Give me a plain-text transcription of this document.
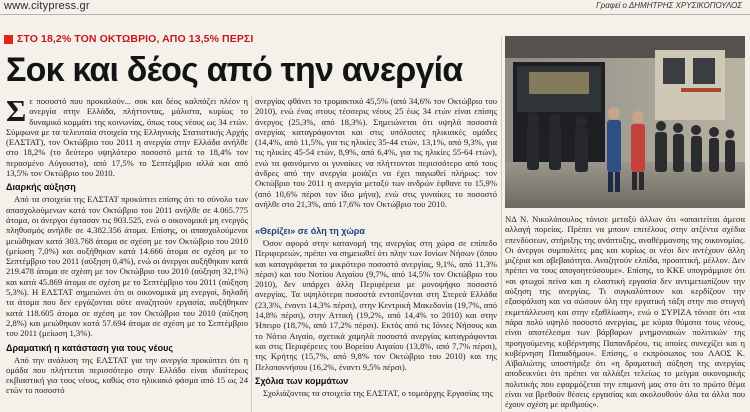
www.citypress.gr	Γραφεί ο ΔΗΜΗΤΡΗΣ ΧΡΥΣΙΚΟΠΟΥΛΟΣ
ΣΤΟ 18,2% ΤΟΝ ΟΚΤΩΒΡΙΟ, ΑΠΟ 13,5% ΠΕΡΣΙ
Σοκ και δέος από την ανεργία

Σε ποσοστό που προκαλούν... σοκ και δέος καλπάζει πλέον η ανεργία στην Ελλάδα, πλήττοντας, μάλιστα, κυρίως το δυναμικό κομμάτι της κοινωνίας, όπως τους νέους ως 34 ετών. Σύμφωνα με τα τελευταία στοιχεία της Ελληνικής Στατιστικής Αρχής (ΕΛΣΤΑΤ), τον Οκτώβριο του 2011 η ανεργία στην Ελλάδα ανήλθε στο 18,2% (το δεύτερο υψηλότερο ποσοστό μετά το 18,4% τον περασμένο Αύγουστο), από 17,5% το Σεπτέμβριο αλλά και από 13,5% τον Οκτώβριο του 2010.

Διαρκής αύξηση

Από τα στοιχεία της ΕΛΣΤΑΤ προκύπτει επίσης ότι το σύνολο των απασχολούμενων κατά τον Οκτώβριο του 2011 ανήλθε σε 4.065.775 άτομα, οι άνεργοι έφτασαν τις 903.525, ενώ ο οικονομικά μη ενεργός πληθυσμός ανήλθε σε 4.382.356 άτομα. Επίσης, οι απασχολούμενοι μειώθηκαν κατά 303.768 άτομα σε σχέση με τον Οκτώβριο του 2010 (μείωση 7,0%) και αυξήθηκαν κατά 14.666 άτομα σε σχέση με το Σεπτέμβριο του 2011 (αύξηση 0,4%), ενώ οι άνεργοι αυξήθηκαν κατά 219.478 άτομα σε σχέση με τον Οκτώβριο του 2010 (αύξηση 32,1%) και κατά 45.869 άτομα σε σχέση με το Σεπτέμβριο του 2011 (αύξηση 5,3%). Η ΕΛΣΤΑΤ σημειώνει ότι οι οικονομικά μη ενεργοί, δηλαδή τα άτομα που δεν εργάζονται ούτε αναζητούν εργασία, αυξήθηκαν κατά 118.605 άτομα σε σχέση με τον Οκτώβριο του 2010 (αύξηση 2,8%) και μειώθηκαν κατά 57.694 άτομα σε σχέση με το Σεπτέμβριο του 2011 (μείωση 1,3%).

Δραματική η κατάσταση για τους νέους

Από την ανάλυση της ΕΛΣΤΑΤ για την ανεργία προκύπτει ότι η ομάδα που πλήττεται περισσότερο στην Ελλάδα είναι ιδιαίτερως εκβιαστική για τους νέους, καθώς στο ηλικιακό φάσμα από 15 ως 24 ετών το ποσοστό

ανεργίας φθάνει το τρομακτικό 45,5% (από 34,6% τον Οκτώβριο του 2010), ενώ ένας στους τέσσερις νέους 25 έως 34 ετών είναι επίσης άνεργος (25,3%, από 18,3%). Σημειώνεται ότι υψηλά ποσοστά ανεργίας καταγράφονται και στις υπόλοιπες ηλικιακές ομάδες (14,4%, από 11,5%, για τις ηλικίες 35-44 ετών, 13,1%, από 9,3%, για τις ηλικίες 45-54 ετών, 8,9%, από 6,4%, για τις ηλικίες 55-64 ετών), ενώ τα φαινόμενο οι γυναίκες να πλήττονται περισσότερο από τους άνδρες από την ανεργία μοιάζει να έχει παγιωθεί πλήρως: τον Οκτώβριο του 2011 η ανεργία μεταξύ των ανδρών έφθανε το 15,9% (από 10,6% πέρσι τον ίδιο μήνα), ενώ στις γυναίκες το ποσοστό ανήλθε στο 21,3%, από 17,6% τον Οκτώβριο του 2010.

«Θερίζει» σε όλη τη χώρα

Όσον αφορά στην κατανομή της ανεργίας στη χώρα σε επίπεδο Περιφερειών, πρέπει να σημειωθεί ότι πλην των Ιονίων Νήσων (όπου και καταγράφεται το μικρότερο ποσοστό ανεργίας, 9,1%, από 11,3% πέρσι) και του Νοτίου Αιγαίου (9,7%, από 14,5% τον Οκτώβριο του 2010), δεν υπάρχει άλλη Περιφέρεια με μονοψήφιο ποσοστό ανεργίας. Τα υψηλότερα ποσοστά εντοπίζονται στη Στερεά Ελλάδα (23,3%, έναντι 14,3% πέρσι), στην Κεντρική Μακεδονία (19,7%, από 14,8% πέρσι), στην Αττική (19,2%, από 14,4% το 2010) και στην Ήπειρο (18,7%, από 17,2% πέρσι). Εκτός από τις Ιόνιες Νήσους και το Νότιο Αιγαίο, σχετικά χαμηλά ποσοστά ανεργίας καταγράφονται και στις Περιφέρειες του Βορείου Αιγαίου (13,8%, από 7,7% πέρσι), της Κρήτης (15,7%, από 9,8% τον Οκτώβριο του 2010) και της Πελοποννήσου (16,2%, έναντι 9,5% πέρσι).

Σχόλια των κομμάτων

Σχολιάζοντας τα στοιχεία της ΕΛΣΤΑΤ, ο τομεάρχης Εργασίας της

ΝΔ Ν. Νικολόπουλος τόνισε μεταξύ άλλων ότι «απαιτείται άμεσα αλλαγή πορείας. Πρέπει να μπουν επιτέλους στην ατζέντα σχέδια επενδύσεων, στήριξης της ανάπτυξης, αναθέρμανσης της οικονομίας. Οι άνεργοι συμπολίτες μας και κυρίως οι νέοι δεν αντέχουν άλλη μιζέρια και αβεβαιότητα. Αναζητούν ελπίδα, προοπτική, μέλλον. Δεν πρέπει να τους απογοητεύσουμε». Επίσης, το ΚΚΕ υπογράμμισε ότι «αι φτωχοί πείνα και η ελαστική εργασία δεν αντιμετωπίζουν την αύξηση της ανεργίας. Τι συγκαλύπτουν και κερδίζουν την εξασφάλιση και να σώσουν όλη την εργατική τάξη στην πιο στυγνή εκμετάλλευση και στην εξαθλίωση», ενώ ο ΣΥΡΙΖΑ τόνισε ότι «τα πάρα πολύ υψηλό ποσοστό ανεργίας, με κύρια θύματα τους νέους, είναι αποτέλεσμα των βάρβαρων μνημονιακών πολιτικών της προηγούμενης κυβέρνησης Παπανδρέου, τις οποίες συνεχίζει και η κυβέρνηση Παπαδήμου». Επίσης, ο εκπρόσωπος του ΛΑΟΣ Κ. Αϊβαλιώτης υποστήριξε ότι «η δραματική αύξηση της ανεργίας αποδεικνύει ότι πρέπει να αλλάξει τελείως το μείγμα οικονομικής πολιτικής που εφαρμόζεται την επιμονή μας στο ότι το πρώτο θέμα είναι να βρεθούν θέσεις εργασίας και ακολουθούν όλα τα άλλα που έχουν σχέση με αριθμούς».
